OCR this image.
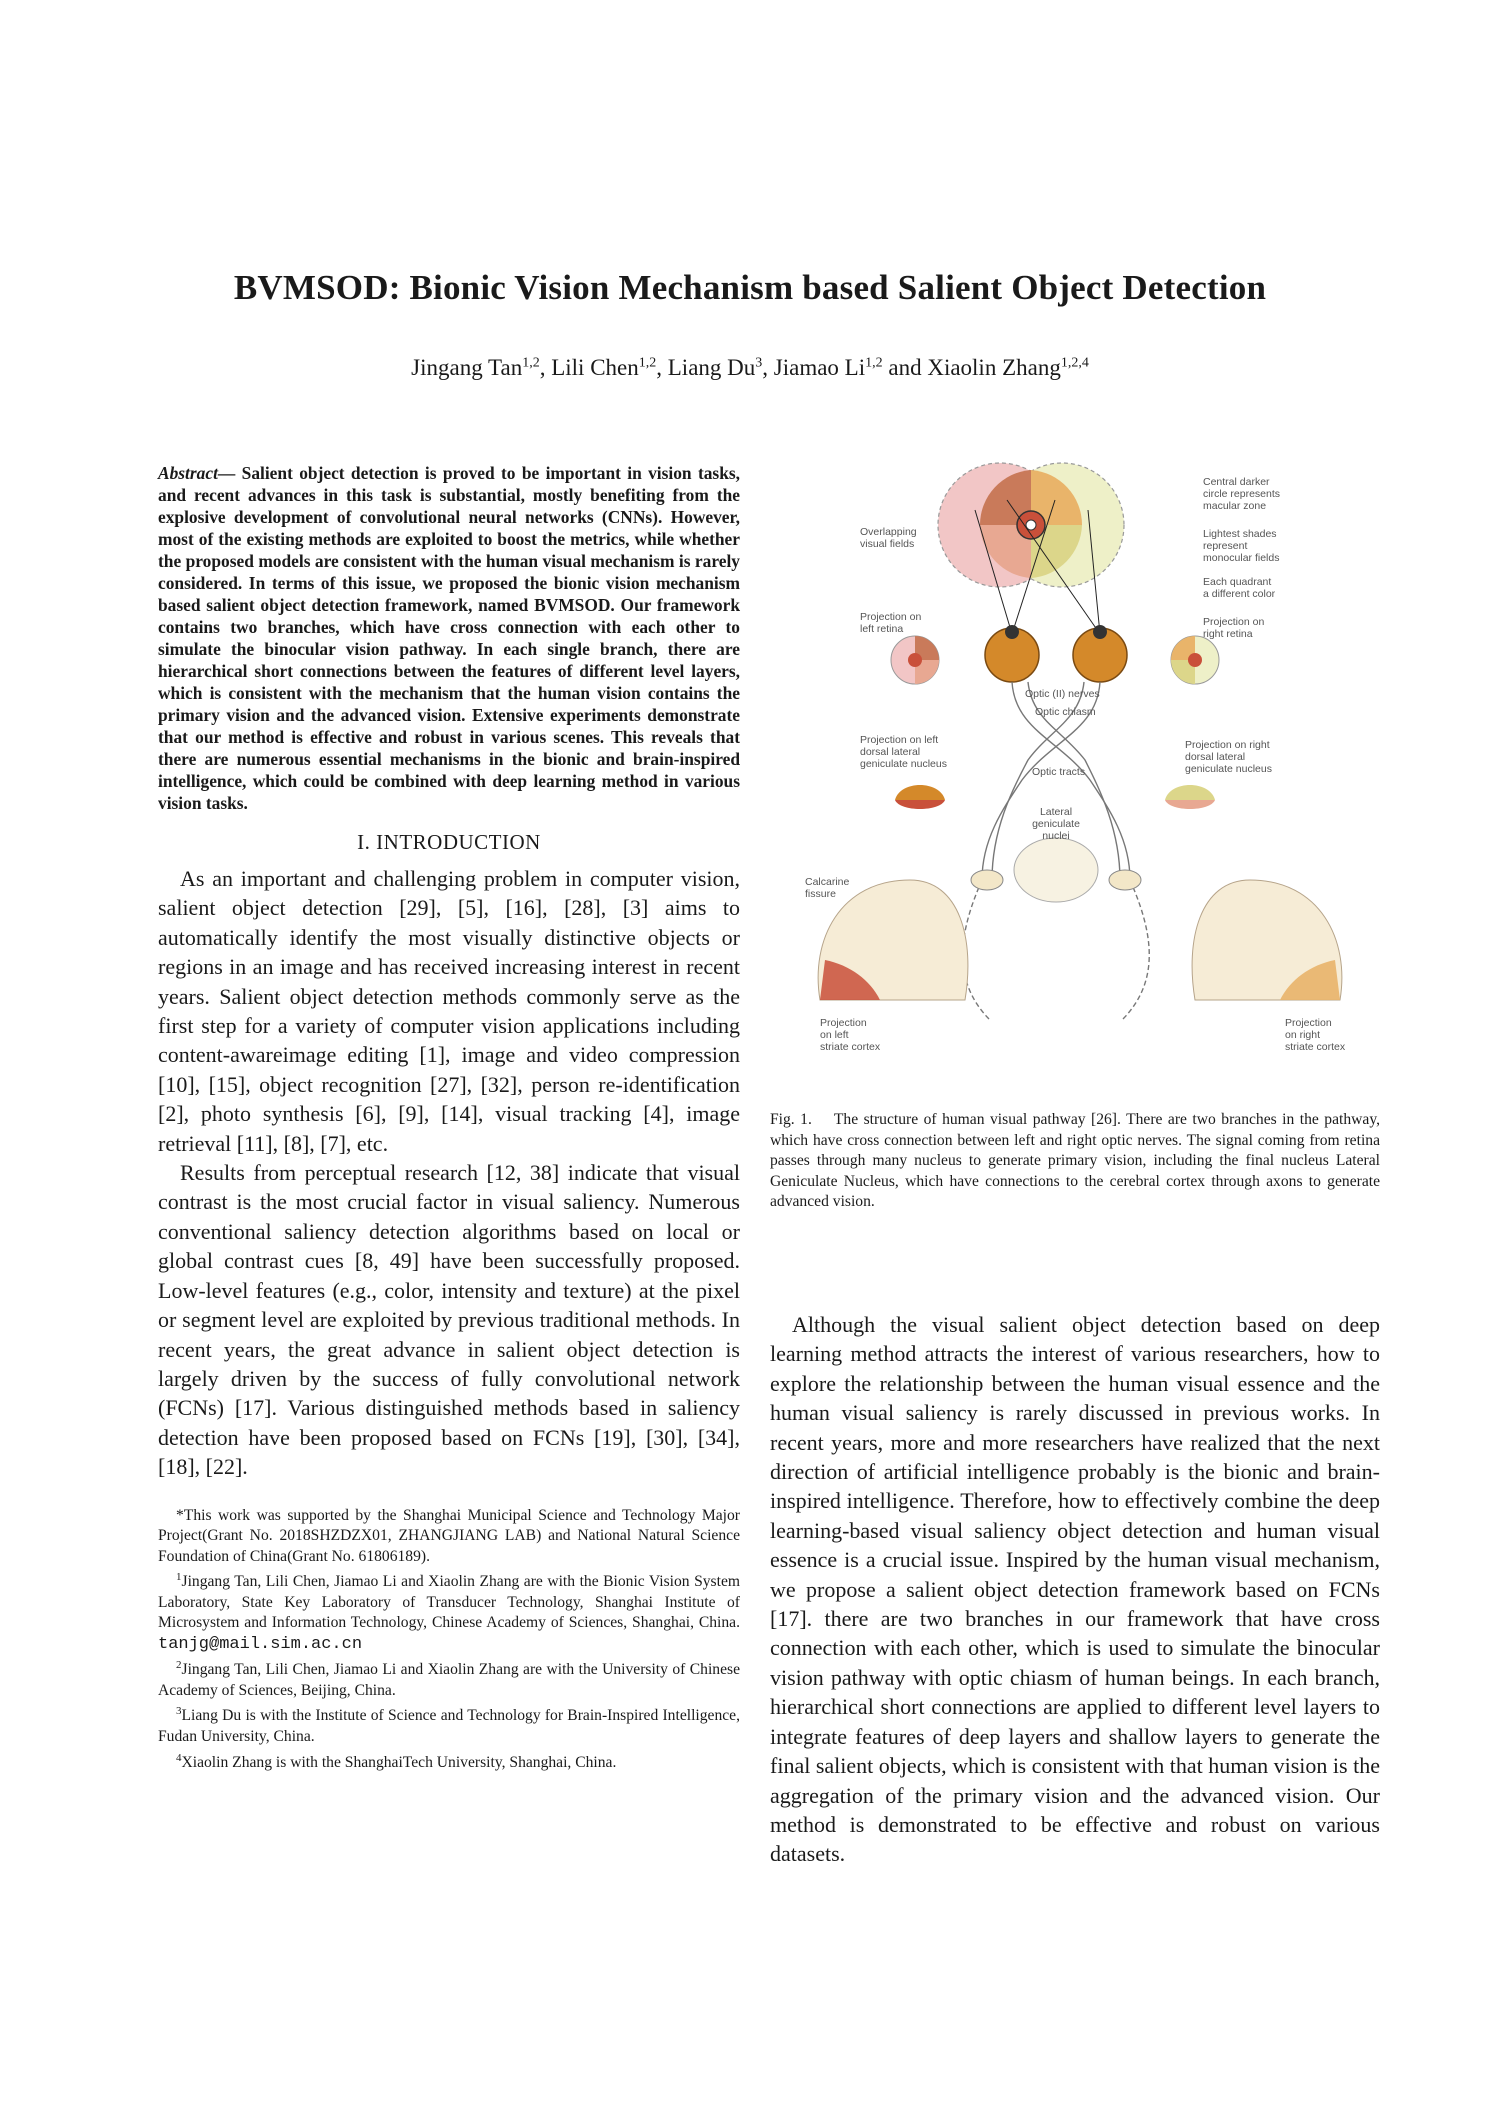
BVMSOD: Bionic Vision Mechanism based Salient Object Detection
Jingang Tan$^{1,2}$, Lili Chen$^{1,2}$, Liang Du$^3$, Jiamao Li$^{1,2}$ and Xiaolin Zhang$^{1,2,4}$

Abstract— Salient object detection is proved to be important in vision tasks, and recent advances in this task is substantial, mostly benefiting from the explosive development of convolutional neural networks (CNNs). However, most of the existing methods are exploited to boost the metrics, while whether the proposed models are consistent with the human visual mechanism is rarely considered. In terms of this issue, we proposed the bionic vision mechanism based salient object detection framework, named BVMSOD. Our framework contains two branches, which have cross connection with each other to simulate the binocular vision pathway. In each single branch, there are hierarchical short connections between the features of different level layers, which is consistent with the mechanism that the human vision contains the primary vision and the advanced vision. Extensive experiments demonstrate that our method is effective and robust in various scenes. This reveals that there are numerous essential mechanisms in the bionic and brain-inspired intelligence, which could be combined with deep learning method in various vision tasks.

I. INTRODUCTION

As an important and challenging problem in computer vision, salient object detection [29], [5], [16], [28], [3] aims to automatically identify the most visually distinctive objects or regions in an image and has received increasing interest in recent years. Salient object detection methods commonly serve as the first step for a variety of computer vision applications including content-awareimage editing [1], image and video compression [10], [15], object recognition [27], [32], person re-identification [2], photo synthesis [6], [9], [14], visual tracking [4], image retrieval [11], [8], [7], etc.

Results from perceptual research [12, 38] indicate that visual contrast is the most crucial factor in visual saliency. Numerous conventional saliency detection algorithms based on local or global contrast cues [8, 49] have been successfully proposed. Low-level features (e.g., color, intensity and texture) at the pixel or segment level are exploited by previous traditional methods. In recent years, the great advance in salient object detection is largely driven by the success of fully convolutional network (FCNs) [17]. Various distinguished methods based in saliency detection have been proposed based on FCNs [19], [30], [34], [18], [22].

*This work was supported by the Shanghai Municipal Science and Technology Major Project(Grant No. 2018SHZDZX01, ZHANGJIANG LAB) and National Natural Science Foundation of China(Grant No. 61806189).

$^1$Jingang Tan, Lili Chen, Jiamao Li and Xiaolin Zhang are with the Bionic Vision System Laboratory, State Key Laboratory of Transducer Technology, Shanghai Institute of Microsystem and Information Technology, Chinese Academy of Sciences, Shanghai, China. tanjg@mail.sim.ac.cn

$^2$Jingang Tan, Lili Chen, Jiamao Li and Xiaolin Zhang are with the University of Chinese Academy of Sciences, Beijing, China.

$^3$Liang Du is with the Institute of Science and Technology for Brain-Inspired Intelligence, Fudan University, China.

$^4$Xiaolin Zhang is with the ShanghaiTech University, Shanghai, China.

Overlapping visual fields
Central darker circle represents macular zone
Lightest shades represent monocular fields
Each quadrant a different color
Projection on left retina
Projection on right retina
Optic (II) nerves
Optic chiasm
Projection on left dorsal lateral geniculate nucleus
Projection on right dorsal lateral geniculate nucleus
Optic tracts
Lateral geniculate nuclei
Calcarine fissure
Projection on left striate cortex
Projection on right striate cortex

Fig. 1. The structure of human visual pathway [26]. There are two branches in the pathway, which have cross connection between left and right optic nerves. The signal coming from retina passes through many nucleus to generate primary vision, including the final nucleus Lateral Geniculate Nucleus, which have connections to the cerebral cortex through axons to generate advanced vision.

Although the visual salient object detection based on deep learning method attracts the interest of various researchers, how to explore the relationship between the human visual essence and the human visual saliency is rarely discussed in previous works. In recent years, more and more researchers have realized that the next direction of artificial intelligence probably is the bionic and brain-inspired intelligence. Therefore, how to effectively combine the deep learning-based visual saliency object detection and human visual essence is a crucial issue. Inspired by the human visual mechanism, we propose a salient object detection framework based on FCNs [17]. there are two branches in our framework that have cross connection with each other, which is used to simulate the binocular vision pathway with optic chiasm of human beings. In each branch, hierarchical short connections are applied to different level layers to integrate features of deep layers and shallow layers to generate the final salient objects, which is consistent with that human vision is the aggregation of the primary vision and the advanced vision. Our method is demonstrated to be effective and robust on various datasets.
